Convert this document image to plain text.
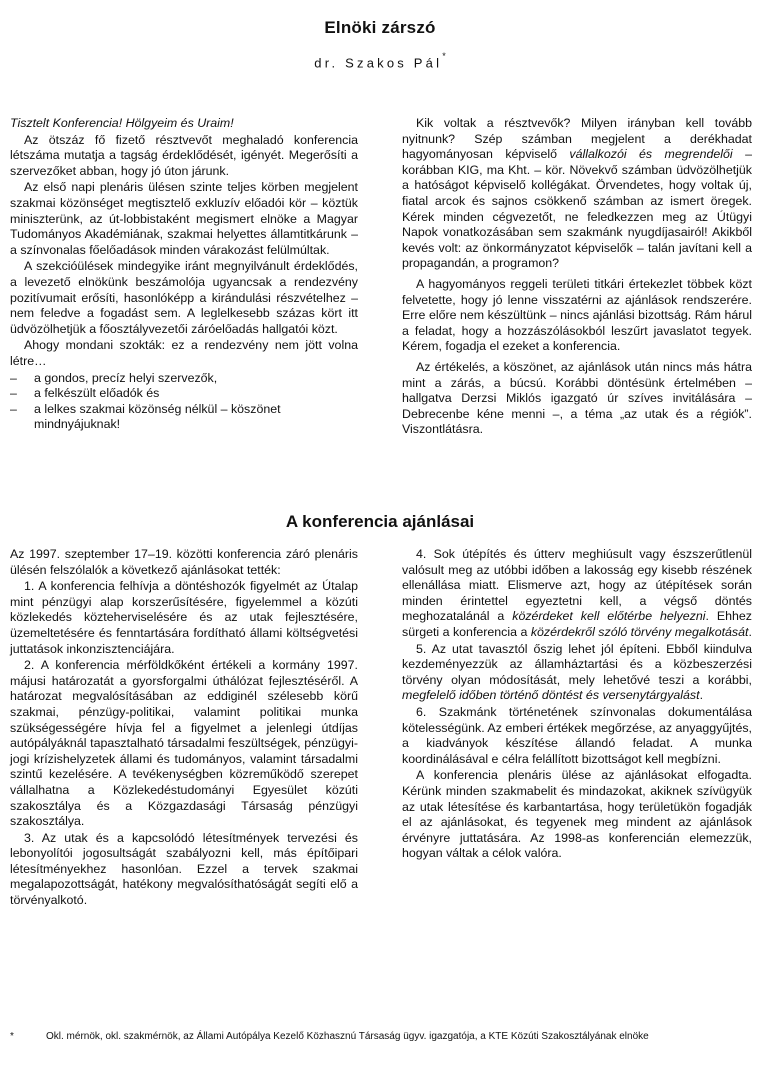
Elnöki zárszó
dr. Szakos Pál*

Tisztelt Konferencia! Hölgyeim és Uraim!

Az ötszáz fő fizető résztvevőt meghaladó konferencia létszáma mutatja a tagság érdeklődését, igényét. Megerősíti a szervezőket abban, hogy jó úton járunk.

Az első napi plenáris ülésen szinte teljes körben megjelent szakmai közönséget megtisztelő exkluzív előadói kör – köztük miniszterünk, az út-lobbistaként megismert elnöke a Magyar Tudományos Akadémiának, szakmai helyettes államtitkárunk – a színvonalas főelőadások minden várakozást felülmúltak.

A szekcióülések mindegyike iránt megnyilvánult érdeklődés, a levezető elnökünk beszámolója ugyancsak a rendezvény pozitívumait erősíti, hasonlóképp a kirándulási részvételhez – nem feledve a fogadást sem. A leglelkesebb százas kört itt üdvözölhetjük a főosztályvezetői záróelőadás hallgatói közt.

Ahogy mondani szokták: ez a rendezvény nem jött volna létre…

– a gondos, precíz helyi szervezők,
– a felkészült előadók és
– a lelkes szakmai közönség nélkül – köszönet mindnyájuknak!

Kik voltak a résztvevők? Milyen irányban kell tovább nyitnunk? Szép számban megjelent a derékhadat hagyományosan képviselő vállalkozói és megrendelői – korábban KIG, ma Kht. – kör. Növekvő számban üdvözölhetjük a hatóságot képviselő kollégákat. Örvendetes, hogy voltak új, fiatal arcok és sajnos csökkenő számban az ismert öregek. Kérek minden cégvezetőt, ne feledkezzen meg az Útügyi Napok vonatkozásában sem szakmánk nyugdíjasairól! Akikből kevés volt: az önkormányzatot képviselők – talán javítani kell a propagandán, a programon?

A hagyományos reggeli területi titkári értekezlet többek közt felvetette, hogy jó lenne visszatérni az ajánlások rendszerére. Erre előre nem készültünk – nincs ajánlási bizottság. Rám hárul a feladat, hogy a hozzászólásokból leszűrt javaslatot tegyek. Kérem, fogadja el ezeket a konferencia.

Az értékelés, a köszönet, az ajánlások után nincs más hátra mint a zárás, a búcsú. Korábbi döntésünk értelmében – hallgatva Derzsi Miklós igazgató úr szíves invitálására – Debrecenbe kéne menni –, a téma „az utak és a régiók”. Viszontlátásra.

A konferencia ajánlásai

Az 1997. szeptember 17–19. közötti konferencia záró plenáris ülésén felszólalók a következő ajánlásokat tették:

1. A konferencia felhívja a döntéshozók figyelmét az Útalap mint pénzügyi alap korszerűsítésére, figyelemmel a közúti közlekedés közteherviselésére és az utak fejlesztésére, üzemeltetésére és fenntartására fordítható állami költségvetési juttatások inkonzisztenciájára.

2. A konferencia mérföldkőként értékeli a kormány 1997. májusi határozatát a gyorsforgalmi úthálózat fejlesztéséről. A határozat megvalósításában az eddiginél szélesebb körű szakmai, pénzügy-politikai, valamint politikai munka szükségességére hívja fel a figyelmet a jelenlegi útdíjas autópályáknál tapasztalható társadalmi feszültségek, pénzügyi-jogi krízishelyzetek állami és tudományos, valamint társadalmi szintű kezelésére. A tevékenységben közreműködő szerepet vállalhatna a Közlekedéstudományi Egyesület közúti szakosztálya és a Közgazdasági Társaság pénzügyi szakosztálya.

3. Az utak és a kapcsolódó létesítmények tervezési és lebonyolítói jogosultságát szabályozni kell, más építőipari létesítményekhez hasonlóan. Ezzel a tervek szakmai megalapozottságát, hatékony megvalósíthatóságát segíti elő a törvényalkotó.

4. Sok útépítés és útterv meghiúsult vagy észszerűtlenül valósult meg az utóbbi időben a lakosság egy kisebb részének ellenállása miatt. Elismerve azt, hogy az útépítések során minden érintettel egyeztetni kell, a végső döntés meghozatalánál a közérdeket kell előtérbe helyezni. Ehhez sürgeti a konferencia a közérdekről szóló törvény megalkotását.

5. Az utat tavasztól őszig lehet jól építeni. Ebből kiindulva kezdeményezzük az államháztartási és a közbeszerzési törvény olyan módosítását, mely lehetővé teszi a korábbi, megfelelő időben történő döntést és versenytárgyalást.

6. Szakmánk történetének színvonalas dokumentálása kötelességünk. Az emberi értékek megőrzése, az anyaggyűjtés, a kiadványok készítése állandó feladat. A munka koordinálásával e célra felállított bizottságot kell megbízni.

A konferencia plenáris ülése az ajánlásokat elfogadta. Kérünk minden szakmabelit és mindazokat, akiknek szívügyük az utak létesítése és karbantartása, hogy területükön fogadják el az ajánlásokat, és tegyenek meg mindent az ajánlások érvényre juttatására. Az 1998-as konferencián elemezzük, hogyan váltak a célok valóra.

*	Okl. mérnök, okl. szakmérnök, az Állami Autópálya Kezelő Közhasznú Társaság ügyv. igazgatója, a KTE Közúti Szakosztályának elnöke
